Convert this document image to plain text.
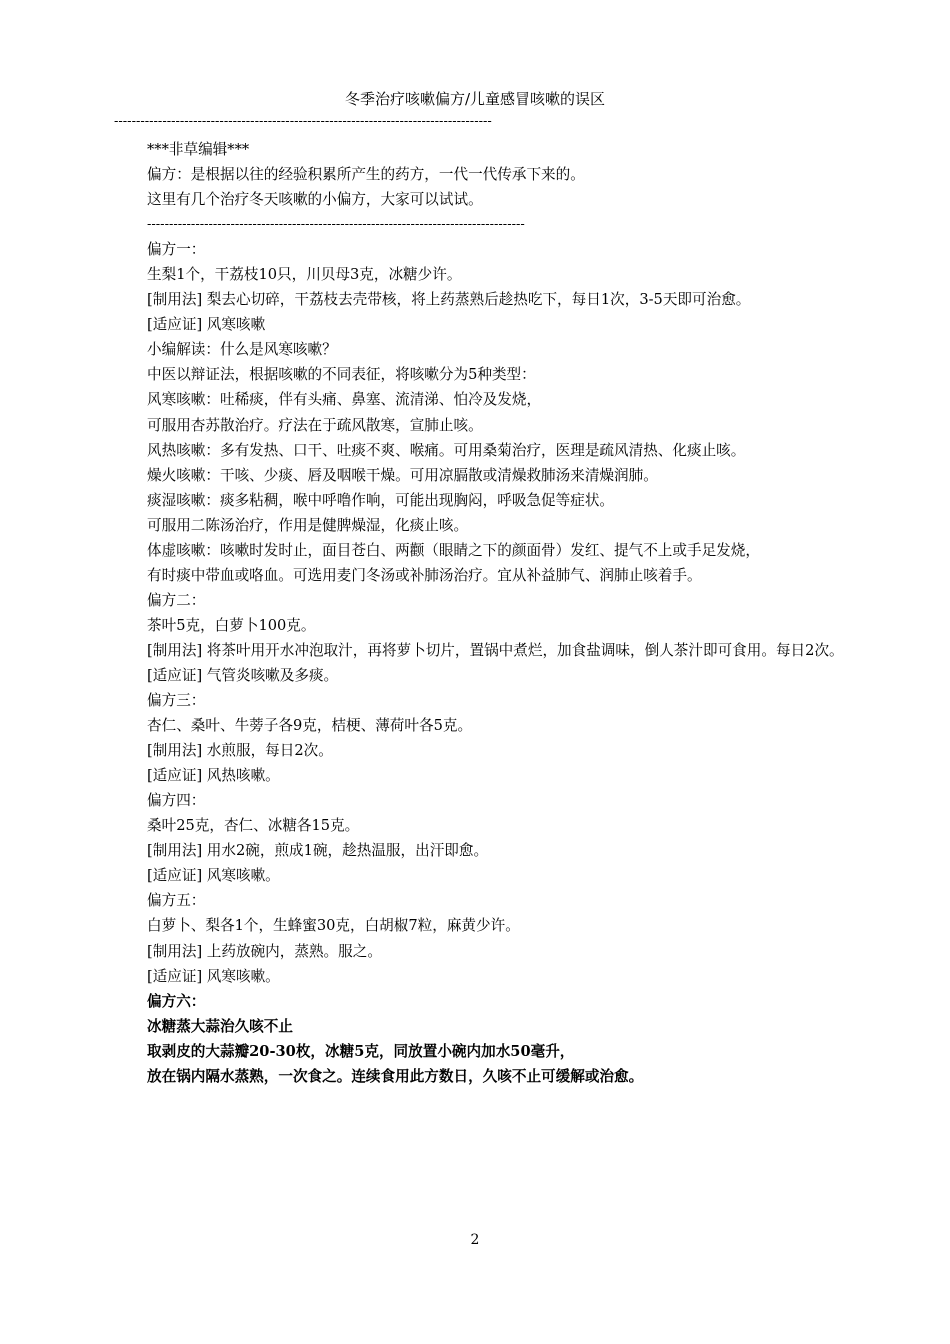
冬季治疗咳嗽偏方/儿童感冒咳嗽的误区
--------------------------------------------------------------------------------------
***非草编辑***
偏方：是根据以往的经验积累所产生的药方，一代一代传承下来的。
这里有几个治疗冬天咳嗽的小偏方，大家可以试试。
--------------------------------------------------------------------------------------
偏方一：
生梨1个，干荔枝10只，川贝母3克，冰糖少许。
[制用法] 梨去心切碎，干荔枝去壳带核，将上药蒸熟后趁热吃下，每日1次，3-5天即可治愈。
[适应证] 风寒咳嗽
小编解读：什么是风寒咳嗽？
中医以辩证法，根据咳嗽的不同表征，将咳嗽分为5种类型：
风寒咳嗽：吐稀痰，伴有头痛、鼻塞、流清涕、怕冷及发烧，
可服用杏苏散治疗。疗法在于疏风散寒，宣肺止咳。
风热咳嗽：多有发热、口干、吐痰不爽、喉痛。可用桑菊治疗，医理是疏风清热、化痰止咳。
燥火咳嗽：干咳、少痰、唇及咽喉干燥。可用凉膈散或清燥救肺汤来清燥润肺。
痰湿咳嗽：痰多粘稠，喉中呼噜作响，可能出现胸闷，呼吸急促等症状。
可服用二陈汤治疗，作用是健脾燥湿，化痰止咳。
体虚咳嗽：咳嗽时发时止，面目苍白、两颧（眼睛之下的颜面骨）发红、提气不上或手足发烧，
有时痰中带血或咯血。可选用麦门冬汤或补肺汤治疗。宜从补益肺气、润肺止咳着手。
偏方二：
茶叶5克，白萝卜100克。
[制用法] 将茶叶用开水冲泡取汁，再将萝卜切片，置锅中煮烂，加食盐调味，倒人茶汁即可食用。每日2次。
[适应证] 气管炎咳嗽及多痰。
偏方三：
杏仁、桑叶、牛蒡子各9克，桔梗、薄荷叶各5克。
[制用法] 水煎服，每日2次。
[适应证] 风热咳嗽。
偏方四：
桑叶25克，杏仁、冰糖各15克。
[制用法] 用水2碗，煎成1碗，趁热温服，出汗即愈。
[适应证] 风寒咳嗽。
偏方五：
白萝卜、梨各1个，生蜂蜜30克，白胡椒7粒，麻黄少许。
[制用法] 上药放碗内，蒸熟。服之。
[适应证] 风寒咳嗽。
偏方六：
冰糖蒸大蒜治久咳不止
取剥皮的大蒜瓣20-30枚，冰糖5克，同放置小碗内加水50毫升，
放在锅内隔水蒸熟，一次食之。连续食用此方数日，久咳不止可缓解或治愈。
2
